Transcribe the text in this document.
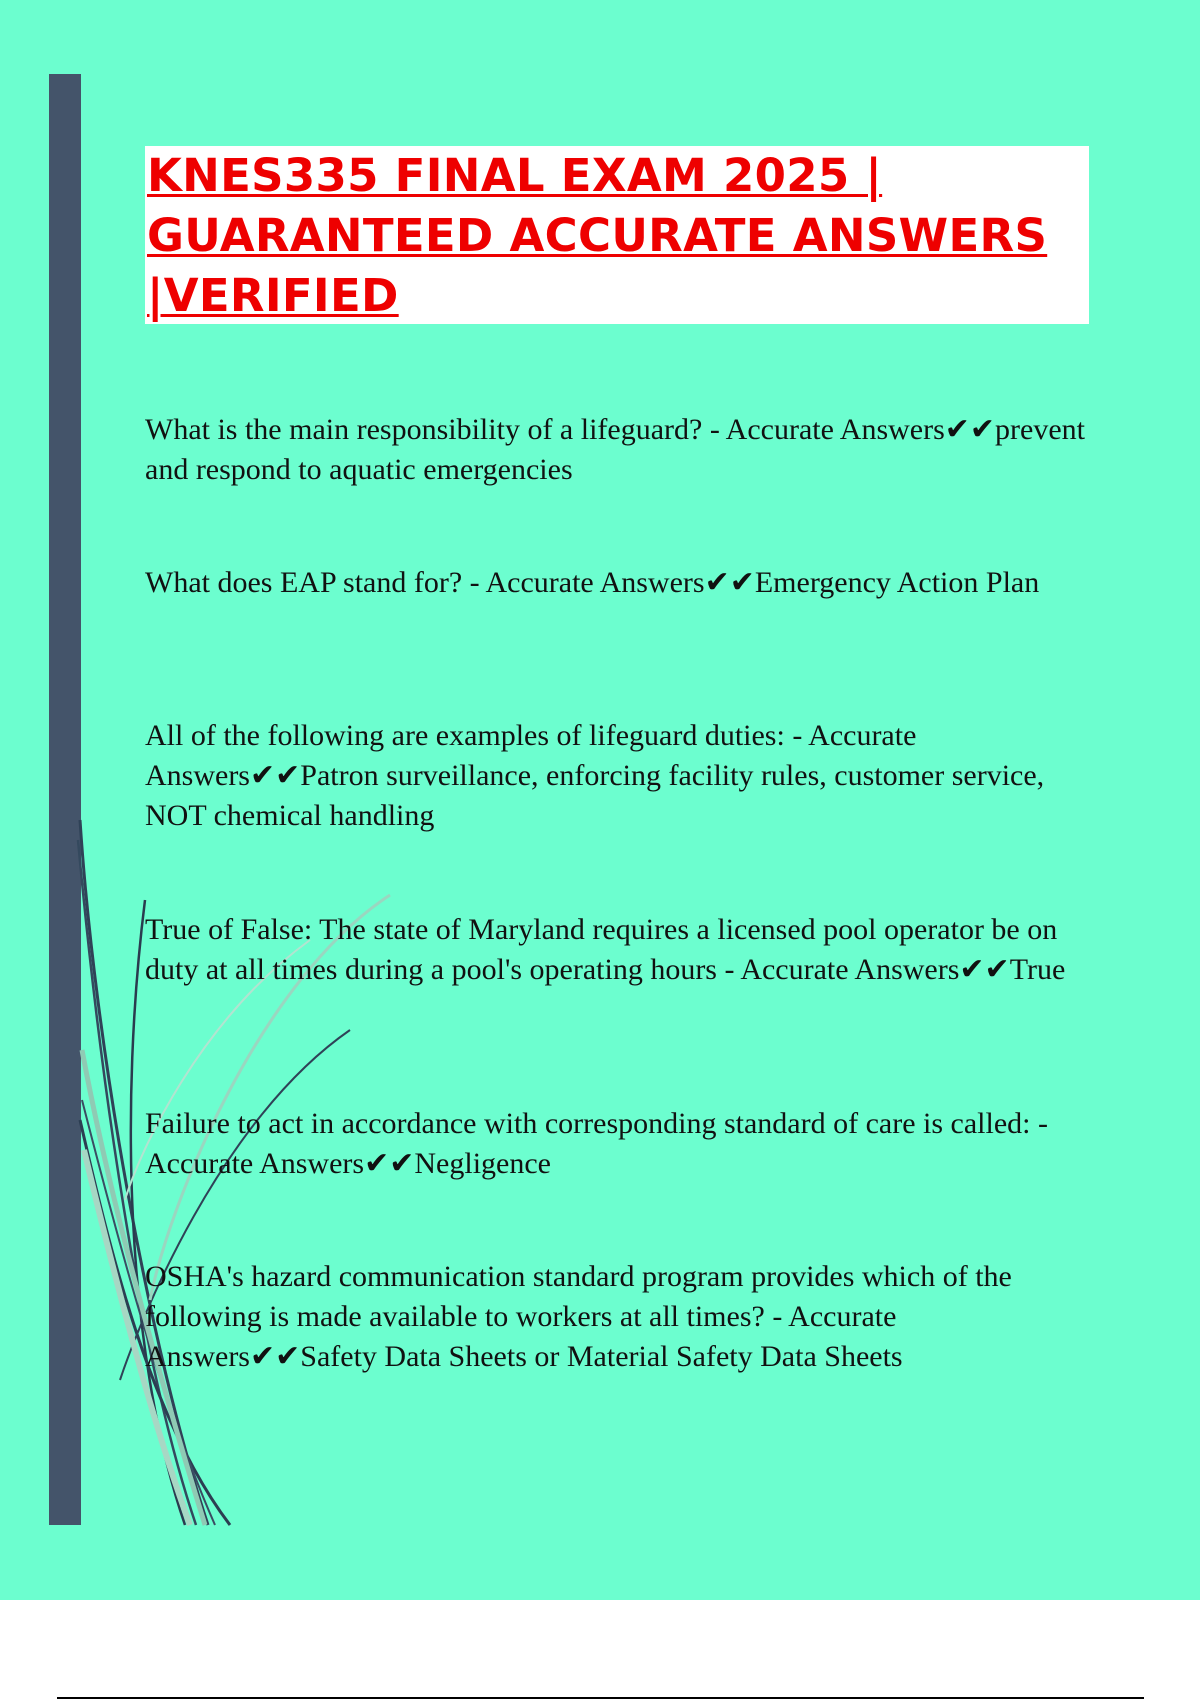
KNES335 FINAL EXAM 2025 | GUARANTEED ACCURATE ANSWERS |VERIFIED

What is the main responsibility of a lifeguard? - Accurate Answers✔✔prevent and respond to aquatic emergencies

What does EAP stand for? - Accurate Answers✔✔Emergency Action Plan

All of the following are examples of lifeguard duties: - Accurate Answers✔✔Patron surveillance, enforcing facility rules, customer service, NOT chemical handling

True of False: The state of Maryland requires a licensed pool operator be on duty at all times during a pool's operating hours - Accurate Answers✔✔True

Failure to act in accordance with corresponding standard of care is called: - Accurate Answers✔✔Negligence

OSHA's hazard communication standard program provides which of the following is made available to workers at all times? - Accurate Answers✔✔Safety Data Sheets or Material Safety Data Sheets
